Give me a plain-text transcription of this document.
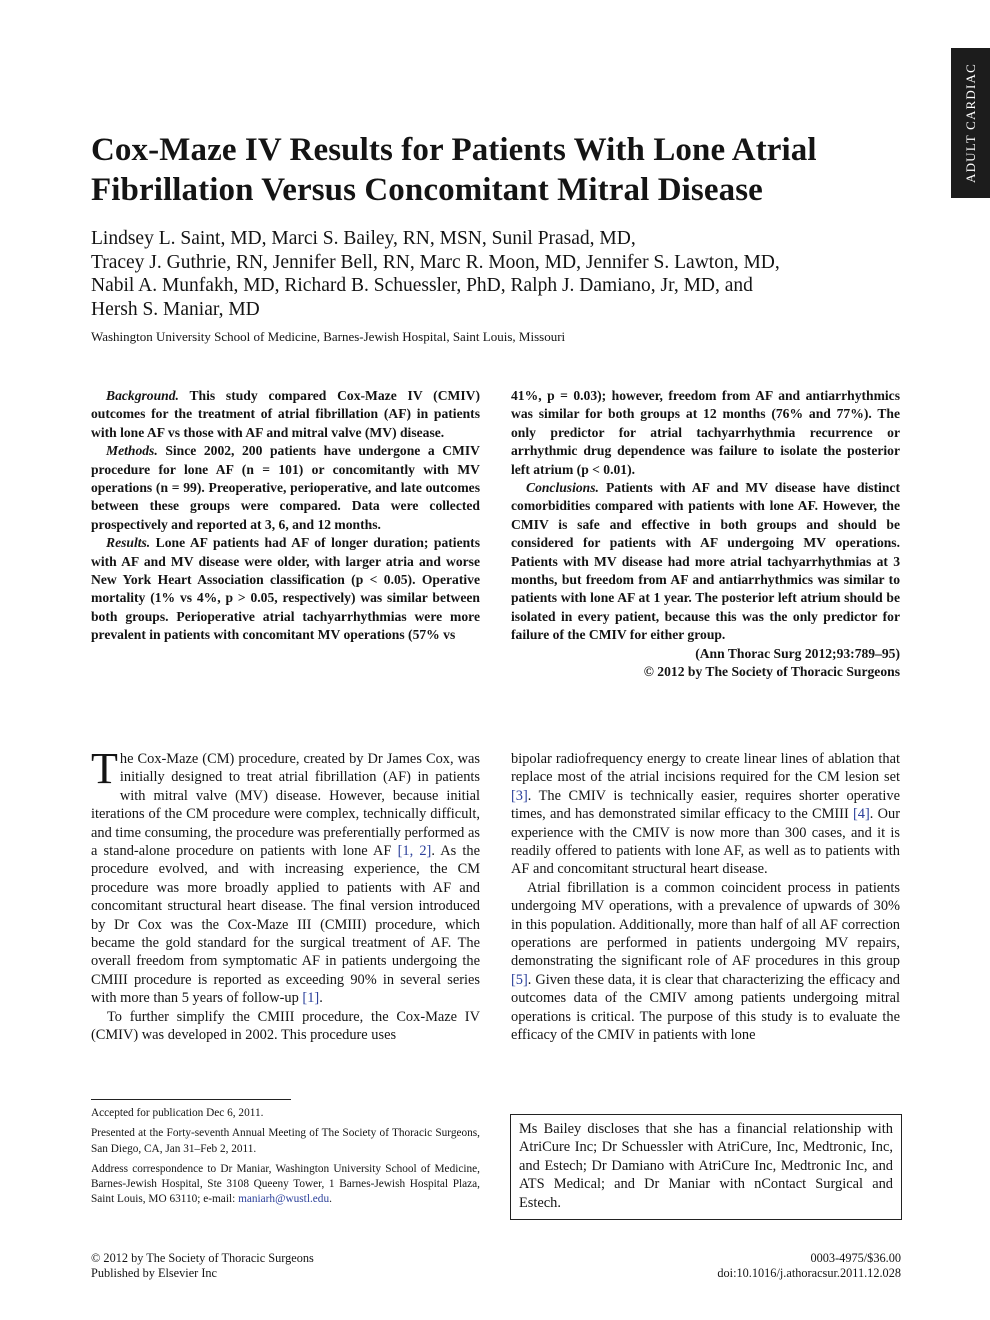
ADULT CARDIAC
Cox-Maze IV Results for Patients With Lone Atrial
Fibrillation Versus Concomitant Mitral Disease
Lindsey L. Saint, MD, Marci S. Bailey, RN, MSN, Sunil Prasad, MD,
Tracey J. Guthrie, RN, Jennifer Bell, RN, Marc R. Moon, MD, Jennifer S. Lawton, MD,
Nabil A. Munfakh, MD, Richard B. Schuessler, PhD, Ralph J. Damiano, Jr, MD, and
Hersh S. Maniar, MD
Washington University School of Medicine, Barnes-Jewish Hospital, Saint Louis, Missouri

Background. This study compared Cox-Maze IV (CMIV) outcomes for the treatment of atrial fibrillation (AF) in patients with lone AF vs those with AF and mitral valve (MV) disease.

Methods. Since 2002, 200 patients have undergone a CMIV procedure for lone AF (n = 101) or concomitantly with MV operations (n = 99). Preoperative, perioperative, and late outcomes between these groups were compared. Data were collected prospectively and reported at 3, 6, and 12 months.

Results. Lone AF patients had AF of longer duration; patients with AF and MV disease were older, with larger atria and worse New York Heart Association classification (p < 0.05). Operative mortality (1% vs 4%, p > 0.05, respectively) was similar between both groups. Perioperative atrial tachyarrhythmias were more prevalent in patients with concomitant MV operations (57% vs

41%, p = 0.03); however, freedom from AF and antiarrhythmics was similar for both groups at 12 months (76% and 77%). The only predictor for atrial tachyarrhythmia recurrence or arrhythmic drug dependence was failure to isolate the posterior left atrium (p < 0.01).

Conclusions. Patients with AF and MV disease have distinct comorbidities compared with patients with lone AF. However, the CMIV is safe and effective in both groups and should be considered for patients with AF undergoing MV operations. Patients with MV disease had more atrial tachyarrhythmias at 3 months, but freedom from AF and antiarrhythmics was similar to patients with lone AF at 1 year. The posterior left atrium should be isolated in every patient, because this was the only predictor for failure of the CMIV for either group.

(Ann Thorac Surg 2012;93:789–95)

© 2012 by The Society of Thoracic Surgeons

The Cox-Maze (CM) procedure, created by Dr James Cox, was initially designed to treat atrial fibrillation (AF) in patients with mitral valve (MV) disease. However, because initial iterations of the CM procedure were complex, technically difficult, and time consuming, the procedure was preferentially performed as a stand-alone procedure on patients with lone AF [1, 2]. As the procedure evolved, and with increasing experience, the CM procedure was more broadly applied to patients with AF and concomitant structural heart disease. The final version introduced by Dr Cox was the Cox-Maze III (CMIII) procedure, which became the gold standard for the surgical treatment of AF. The overall freedom from symptomatic AF in patients undergoing the CMIII procedure is reported as exceeding 90% in several series with more than 5 years of follow-up [1].

To further simplify the CMIII procedure, the Cox-Maze IV (CMIV) was developed in 2002. This procedure uses

bipolar radiofrequency energy to create linear lines of ablation that replace most of the atrial incisions required for the CM lesion set [3]. The CMIV is technically easier, requires shorter operative times, and has demonstrated similar efficacy to the CMIII [4]. Our experience with the CMIV is now more than 300 cases, and it is readily offered to patients with lone AF, as well as to patients with AF and concomitant structural heart disease.

Atrial fibrillation is a common coincident process in patients undergoing MV operations, with a prevalence of upwards of 30% in this population. Additionally, more than half of all AF correction operations are performed in patients undergoing MV repairs, demonstrating the significant role of AF procedures in this group [5]. Given these data, it is clear that characterizing the efficacy and outcomes data of the CMIV among patients undergoing mitral operations is critical. The purpose of this study is to evaluate the efficacy of the CMIV in patients with lone

Accepted for publication Dec 6, 2011.

Presented at the Forty-seventh Annual Meeting of The Society of Thoracic Surgeons, San Diego, CA, Jan 31–Feb 2, 2011.

Address correspondence to Dr Maniar, Washington University School of Medicine, Barnes-Jewish Hospital, Ste 3108 Queeny Tower, 1 Barnes-Jewish Hospital Plaza, Saint Louis, MO 63110; e-mail: maniarh@wustl.edu.

Ms Bailey discloses that she has a financial relationship with AtriCure Inc; Dr Schuessler with AtriCure, Inc, Medtronic, Inc, and Estech; Dr Damiano with AtriCure Inc, Medtronic Inc, and ATS Medical; and Dr Maniar with nContact Surgical and Estech.
© 2012 by The Society of Thoracic Surgeons
Published by Elsevier Inc
0003-4975/$36.00
doi:10.1016/j.athoracsur.2011.12.028
